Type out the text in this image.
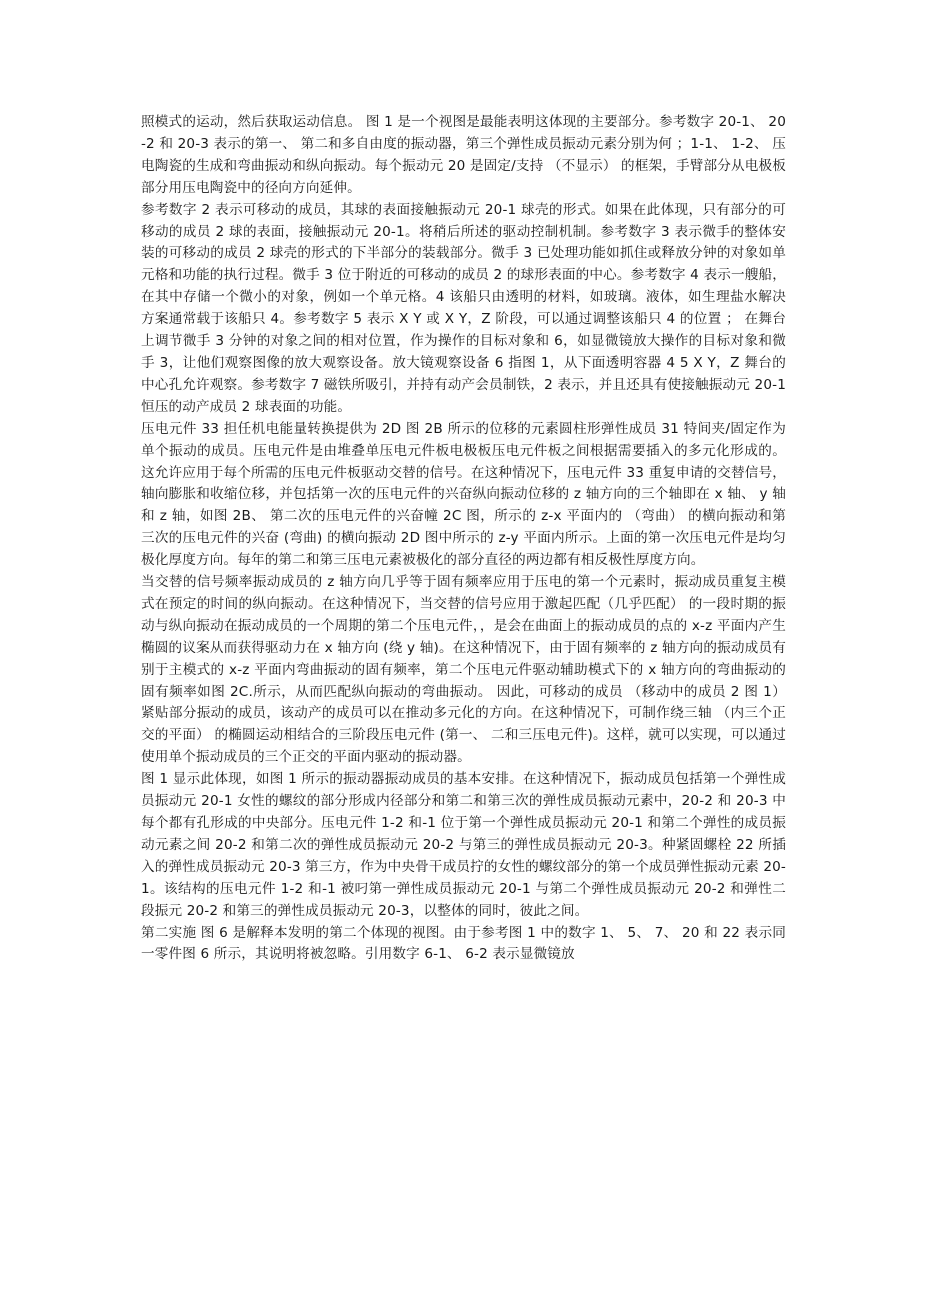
照模式的运动，然后获取运动信息。 图 1 是一个视图是最能表明这体现的主要部分。参考数字 20-1、 20-2 和 20-3 表示的第一、 第二和多自由度的振动器，第三个弹性成员振动元素分别为何 ；1-1、 1-2、 压电陶瓷的生成和弯曲振动和纵向振动。每个振动元 20 是固定/支持 （不显示） 的框架，手臂部分从电极板部分用压电陶瓷中的径向方向延伸。

参考数字 2 表示可移动的成员，其球的表面接触振动元 20-1 球壳的形式。如果在此体现，只有部分的可移动的成员 2 球的表面，接触振动元 20-1。将稍后所述的驱动控制机制。参考数字 3 表示微手的整体安装的可移动的成员 2 球壳的形式的下半部分的装载部分。微手 3 已处理功能如抓住或释放分钟的对象如单元格和功能的执行过程。微手 3 位于附近的可移动的成员 2 的球形表面的中心。参考数字 4 表示一艘船，在其中存储一个微小的对象，例如一个单元格。4 该船只由透明的材料，如玻璃。液体，如生理盐水解决方案通常载于该船只 4。参考数字 5 表示 X Y 或 X Y，Z 阶段，可以通过调整该船只 4 的位置 ； 在舞台上调节微手 3 分钟的对象之间的相对位置，作为操作的目标对象和 6，如显微镜放大操作的目标对象和微手 3，让他们观察图像的放大观察设备。放大镜观察设备 6 指图 1，从下面透明容器 4 5 X Y，Z 舞台的中心孔允许观察。参考数字 7 磁铁所吸引，并持有动产会员制铁，2 表示，并且还具有使接触振动元 20-1 恒压的动产成员 2 球表面的功能。

压电元件 33 担任机电能量转换提供为 2D 图 2B 所示的位移的元素圆柱形弹性成员 31 特间夹/固定作为单个振动的成员。压电元件是由堆叠单压电元件板电极板压电元件板之间根据需要插入的多元化形成的。这允许应用于每个所需的压电元件板驱动交替的信号。在这种情况下，压电元件 33 重复申请的交替信号，轴向膨胀和收缩位移，并包括第一次的压电元件的兴奋纵向振动位移的 z 轴方向的三个轴即在 x 轴、 y 轴和 z 轴，如图 2B、 第二次的压电元件的兴奋幢 2C 图，所示的 z-x 平面内的 （弯曲） 的横向振动和第三次的压电元件的兴奋 (弯曲) 的横向振动 2D 图中所示的 z-y 平面内所示。上面的第一次压电元件是均匀极化厚度方向。每年的第二和第三压电元素被极化的部分直径的两边都有相反极性厚度方向。

当交替的信号频率振动成员的 z 轴方向几乎等于固有频率应用于压电的第一个元素时，振动成员重复主模式在预定的时间的纵向振动。在这种情况下，当交替的信号应用于激起匹配（几乎匹配） 的一段时期的振动与纵向振动在振动成员的一个周期的第二个压电元件，，是会在曲面上的振动成员的点的 x-z 平面内产生椭圆的议案从而获得驱动力在 x 轴方向 (绕 y 轴)。在这种情况下，由于固有频率的 z 轴方向的振动成员有别于主模式的 x-z 平面内弯曲振动的固有频率，第二个压电元件驱动辅助模式下的 x 轴方向的弯曲振动的固有频率如图 2C.所示，从而匹配纵向振动的弯曲振动。 因此，可移动的成员 （移动中的成员 2 图 1） 紧贴部分振动的成员，该动产的成员可以在推动多元化的方向。在这种情况下，可制作绕三轴 （内三个正交的平面） 的椭圆运动相结合的三阶段压电元件 (第一、 二和三压电元件)。这样，就可以实现，可以通过使用单个振动成员的三个正交的平面内驱动的振动器。

图 1 显示此体现，如图 1 所示的振动器振动成员的基本安排。在这种情况下，振动成员包括第一个弹性成员振动元 20-1 女性的螺纹的部分形成内径部分和第二和第三次的弹性成员振动元素中，20-2 和 20-3 中每个都有孔形成的中央部分。压电元件 1-2 和-1 位于第一个弹性成员振动元 20-1 和第二个弹性的成员振动元素之间 20-2 和第二次的弹性成员振动元 20-2 与第三的弹性成员振动元 20-3。种紧固螺栓 22 所插入的弹性成员振动元 20-3 第三方，作为中央骨干成员拧的女性的螺纹部分的第一个成员弹性振动元素 20-1。该结构的压电元件 1-2 和-1 被叼第一弹性成员振动元 20-1 与第二个弹性成员振动元 20-2 和弹性二段振元 20-2 和第三的弹性成员振动元 20-3，以整体的同时，彼此之间。

第二实施 图 6 是解释本发明的第二个体现的视图。由于参考图 1 中的数字 1、 5、 7、 20 和 22 表示同一零件图 6 所示，其说明将被忽略。引用数字 6-1、 6-2 表示显微镜放
